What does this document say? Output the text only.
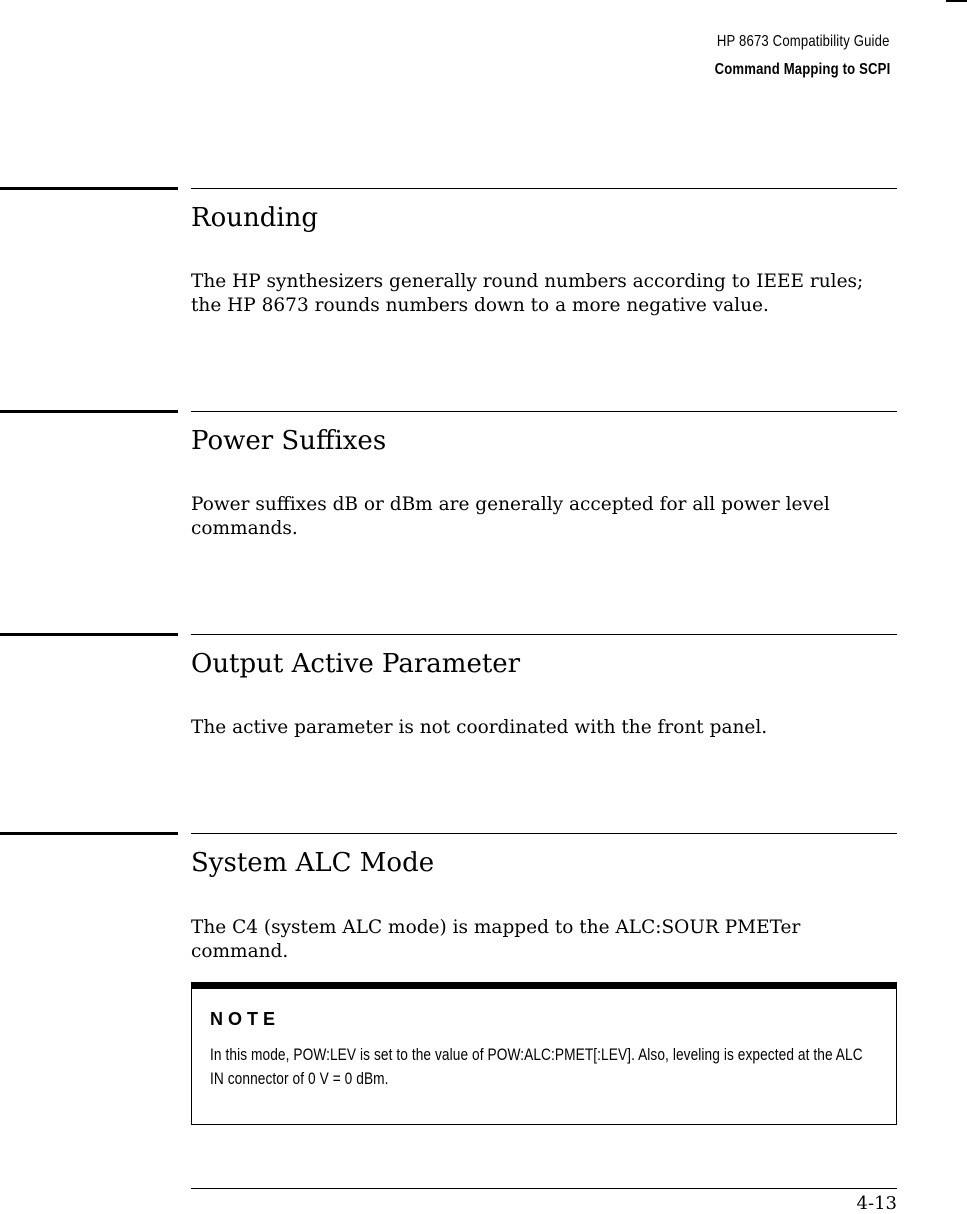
HP 8673 Compatibility Guide
Command Mapping to SCPI
Rounding

The HP synthesizers generally round numbers according to IEEE rules; the HP 8673 rounds numbers down to a more negative value.

Power Suffixes

Power suffixes dB or dBm are generally accepted for all power level commands.

Output Active Parameter

The active parameter is not coordinated with the front panel.

System ALC Mode

The C4 (system ALC mode) is mapped to the ALC:SOUR PMETer command.

NOTE
In this mode, POW:LEV is set to the value of POW:ALC:PMET[:LEV]. Also, leveling is expected at the ALC IN connector of 0 V = 0 dBm.
4-13
